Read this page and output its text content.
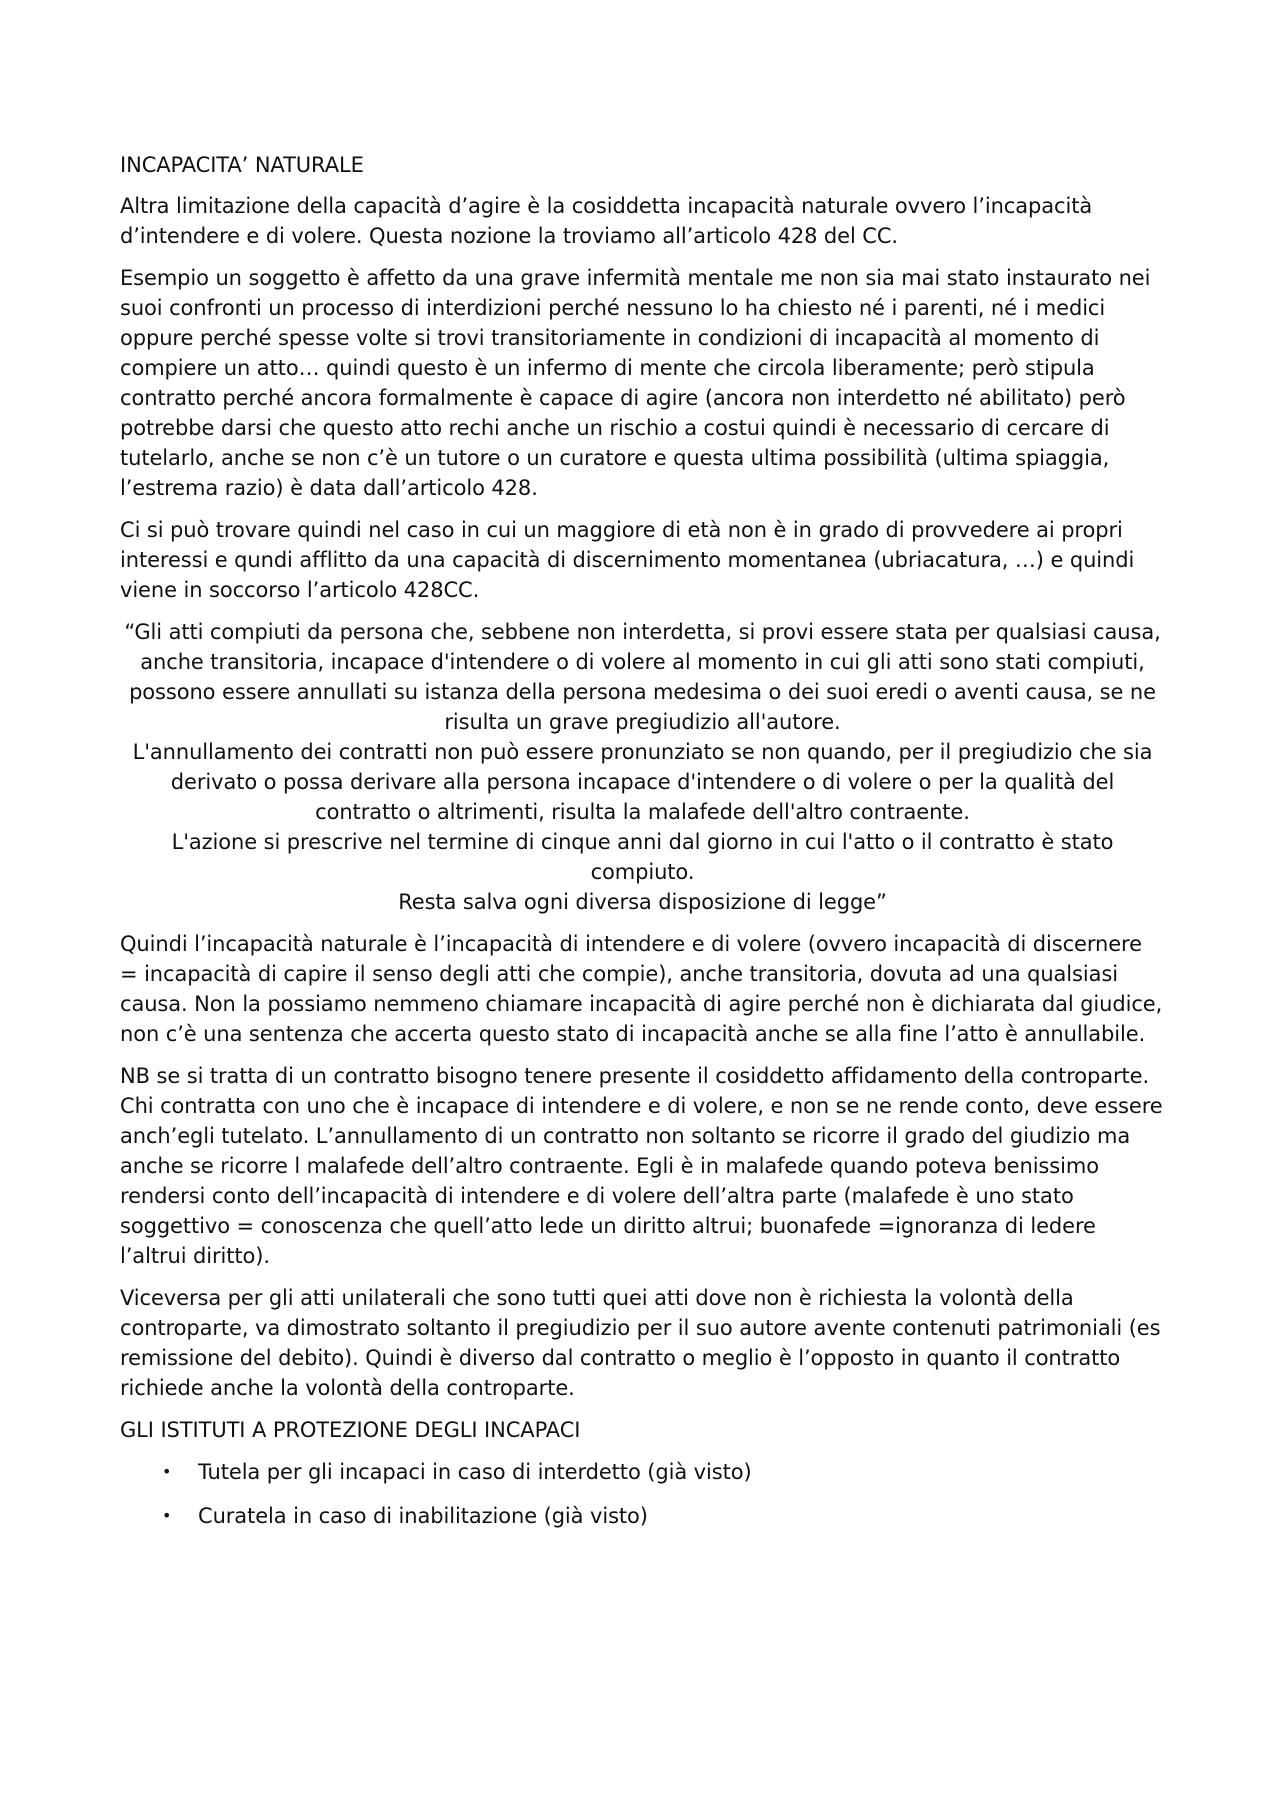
INCAPACITA’ NATURALE

Altra limitazione della capacità d’agire è la cosiddetta incapacità naturale ovvero l’incapacità d’intendere e di volere. Questa nozione la troviamo all’articolo 428 del CC.

Esempio un soggetto è affetto da una grave infermità mentale me non sia mai stato instaurato nei suoi confronti un processo di interdizioni perché nessuno lo ha chiesto né i parenti, né i medici oppure perché spesse volte si trovi transitoriamente in condizioni di incapacità al momento di compiere un atto… quindi questo è un infermo di mente che circola liberamente; però stipula contratto perché ancora formalmente è capace di agire (ancora non interdetto né abilitato) però potrebbe darsi che questo atto rechi anche un rischio a costui quindi è necessario di cercare di tutelarlo, anche se non c’è un tutore o un curatore e questa ultima possibilità (ultima spiaggia, l’estrema razio) è data dall’articolo 428.

Ci si può trovare quindi nel caso in cui un maggiore di età non è in grado di provvedere ai propri interessi e qundi afflitto da una capacità di discernimento momentanea (ubriacatura, …) e quindi viene in soccorso l’articolo 428CC.

“Gli atti compiuti da persona che, sebbene non interdetta, si provi essere stata per qualsiasi causa, anche transitoria, incapace d'intendere o di volere al momento in cui gli atti sono stati compiuti, possono essere annullati su istanza della persona medesima o dei suoi eredi o aventi causa, se ne risulta un grave pregiudizio all'autore.
L'annullamento dei contratti non può essere pronunziato se non quando, per il pregiudizio che sia derivato o possa derivare alla persona incapace d'intendere o di volere o per la qualità del contratto o altrimenti, risulta la malafede dell'altro contraente.
L'azione si prescrive nel termine di cinque anni dal giorno in cui l'atto o il contratto è stato compiuto.
Resta salva ogni diversa disposizione di legge”

Quindi l’incapacità naturale è l’incapacità di intendere e di volere (ovvero incapacità di discernere = incapacità di capire il senso degli atti che compie), anche transitoria, dovuta ad una qualsiasi causa. Non la possiamo nemmeno chiamare incapacità di agire perché non è dichiarata dal giudice, non c’è una sentenza che accerta questo stato di incapacità anche se alla fine l’atto è annullabile.

NB se si tratta di un contratto bisogno tenere presente il cosiddetto affidamento della controparte. Chi contratta con uno che è incapace di intendere e di volere, e non se ne rende conto, deve essere anch’egli tutelato. L’annullamento di un contratto non soltanto se ricorre il grado del giudizio ma anche se ricorre l malafede dell’altro contraente. Egli è in malafede quando poteva benissimo rendersi conto dell’incapacità di intendere e di volere dell’altra parte (malafede è uno stato soggettivo = conoscenza che quell’atto lede un diritto altrui; buonafede =ignoranza di ledere l’altrui diritto).

Viceversa per gli atti unilaterali che sono tutti quei atti dove non è richiesta la volontà della controparte, va dimostrato soltanto il pregiudizio per il suo autore avente contenuti patrimoniali (es remissione del debito). Quindi è diverso dal contratto o meglio è l’opposto in quanto il contratto richiede anche la volontà della controparte.

GLI ISTITUTI A PROTEZIONE DEGLI INCAPACI
• Tutela per gli incapaci in caso di interdetto (già visto)
• Curatela in caso di inabilitazione (già visto)
